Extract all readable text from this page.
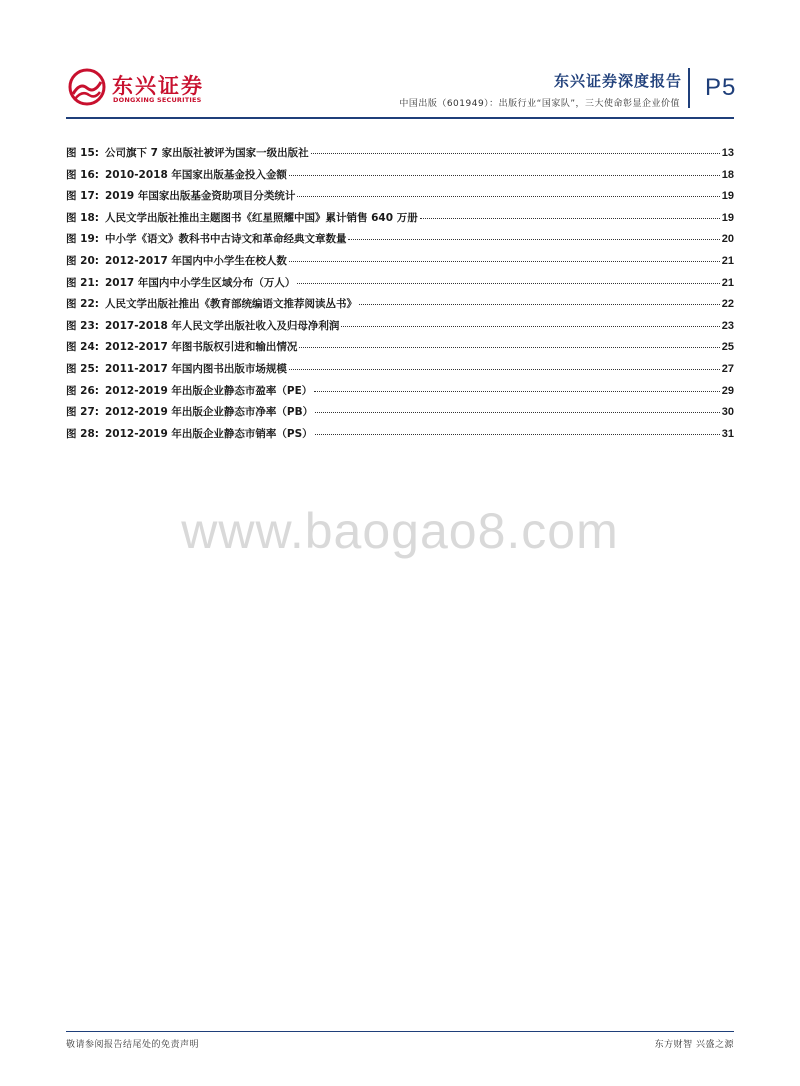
东兴证券
DONGXING SECURITIES
东兴证券深度报告
中国出版（601949）：出版行业“国家队”，三大使命彰显企业价值
P5
图 15: 公司旗下 7 家出版社被评为国家一级出版社	13
图 16: 2010-2018 年国家出版基金投入金额	18
图 17: 2019 年国家出版基金资助项目分类统计	19
图 18: 人民文学出版社推出主题图书《红星照耀中国》累计销售 640 万册	19
图 19: 中小学《语文》教科书中古诗文和革命经典文章数量	20
图 20: 2012-2017 年国内中小学生在校人数	21
图 21: 2017 年国内中小学生区域分布（万人）	21
图 22: 人民文学出版社推出《教育部统编语文推荐阅读丛书》	22
图 23: 2017-2018 年人民文学出版社收入及归母净利润	23
图 24: 2012-2017 年图书版权引进和输出情况	25
图 25: 2011-2017 年国内图书出版市场规模	27
图 26: 2012-2019 年出版企业静态市盈率（PE）	29
图 27: 2012-2019 年出版企业静态市净率（PB）	30
图 28: 2012-2019 年出版企业静态市销率（PS）	31
www.baogao8.com
敬请参阅报告结尾处的免责声明	东方财智 兴盛之源
